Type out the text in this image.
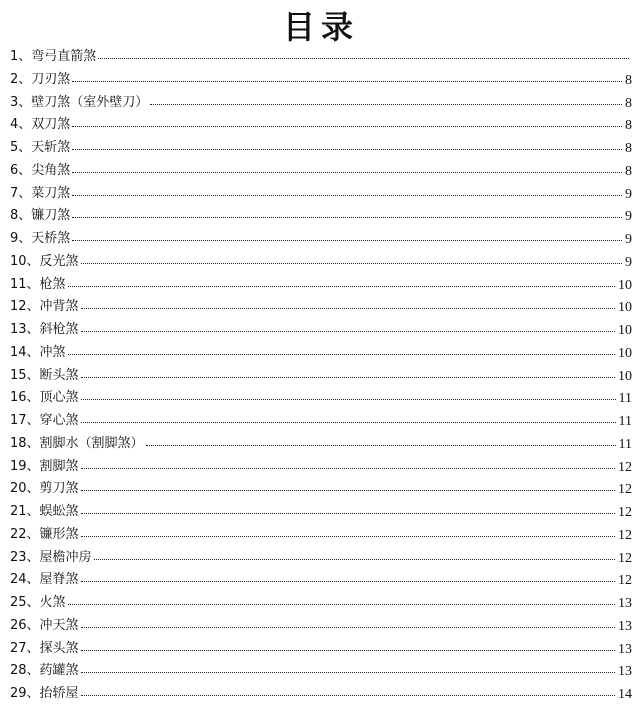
目录
1、弯弓直箭煞
2、刀刃煞	8
3、壁刀煞（室外壁刀）	8
4、双刀煞	8
5、天斩煞	8
6、尖角煞	8
7、菜刀煞	9
8、镰刀煞	9
9、天桥煞	9
10、反光煞	9
11、枪煞	10
12、冲背煞	10
13、斜枪煞	10
14、冲煞	10
15、断头煞	10
16、顶心煞	11
17、穿心煞	11
18、割脚水（割脚煞）	11
19、割脚煞	12
20、剪刀煞	12
21、蜈蚣煞	12
22、镰形煞	12
23、屋檐冲房	12
24、屋脊煞	12
25、火煞	13
26、冲天煞	13
27、探头煞	13
28、药罐煞	13
29、抬轿屋	14
